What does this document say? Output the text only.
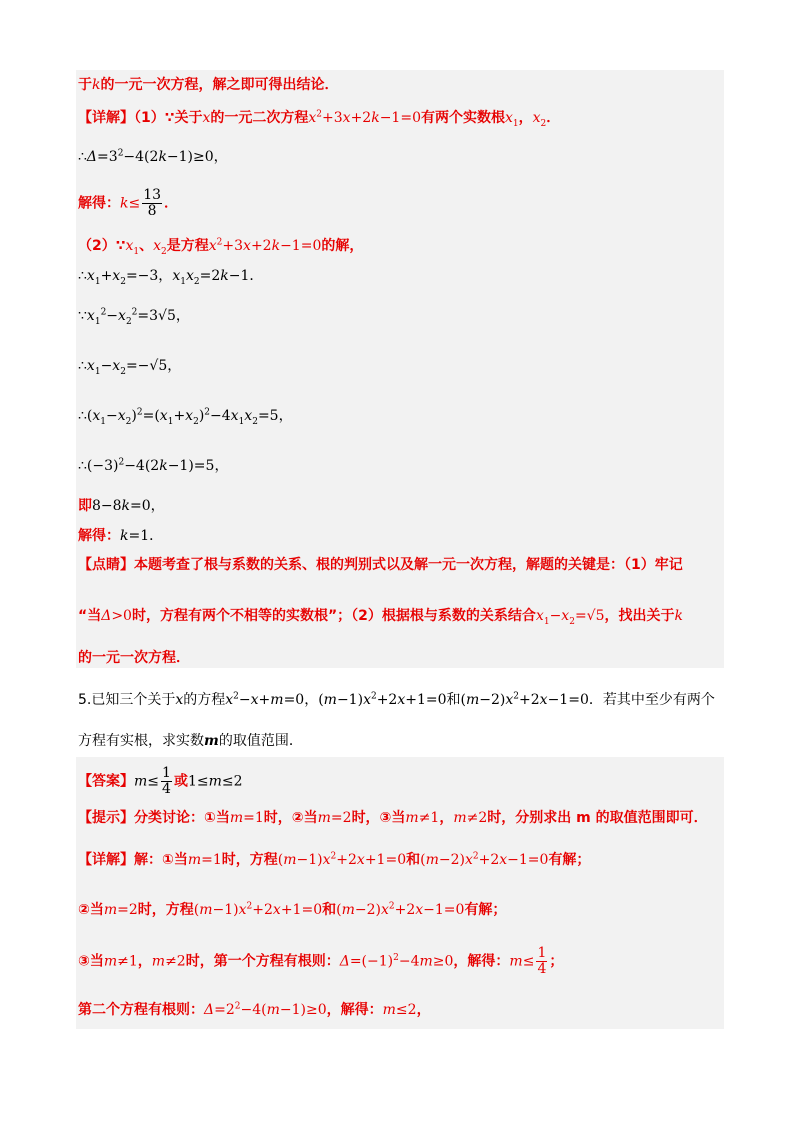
于k的一元一次方程，解之即可得出结论．
【详解】（1）∵关于x的一元二次方程$x^2+3x+2k-1=0$有两个实数根$x_1$，$x_2$．
$\therefore\Delta=3^2-4(2k-1)\ge 0$，
解得：$k\le \frac{13}{8}$ ．
$(2)\because x_1$、$x_2$是方程$x^2+3x+2k-1=0$的解，
$\therefore x_1+x_2=-3$，$x_1x_2=2k-1$．
$\because x_1^2-x_2^2=3√5$，
$\therefore x_1-x_2=-√5$，
$\therefore(x_1-x_2)^2=(x_1+x_2)^2-4x_1x_2=5$，
$\therefore(-3)^2-4(2k-1)=5$，
即8−8k=0，
解得：k=1．
【点睛】本题考查了根与系数的关系、根的判别式以及解一元一次方程，解题的关键是：（1）牢记
“当Δ>0时，方程有两个不相等的实数根”；（2）根据根与系数的关系结合$x_1-x_2=√5$，找出关于k
的一元一次方程．
5.已知三个关于x的方程$x^2-x+m=0$，$(m-1)x^2+2x+1=0$和$(m-2)x^2+2x-1=0$．若其中至少有两个
方程有实根，求实数m的取值范围．
【答案】$m\le \frac{1}{4}$ 或1≤m≤2
【提示】分类讨论：①当m=1时，②当m=2时，③当m≠1，m≠2时，分别求出 m 的取值范围即可．
【详解】解：①当m=1时，方程$(m-1)x^2+2x+1=0$和$(m-2)x^2+2x-1=0$有解；
②当m=2时，方程$(m-1)x^2+2x+1=0$和$(m-2)x^2+2x-1=0$有解；
③当m≠1，m≠2时，第一个方程有根则：$\Delta=(-1)^2-4m\ge 0$，解得：$m\le \frac{1}{4}$ ；
第二个方程有根则：$\Delta=2^2-4(m-1)\ge 0$，解得：m≤2，
